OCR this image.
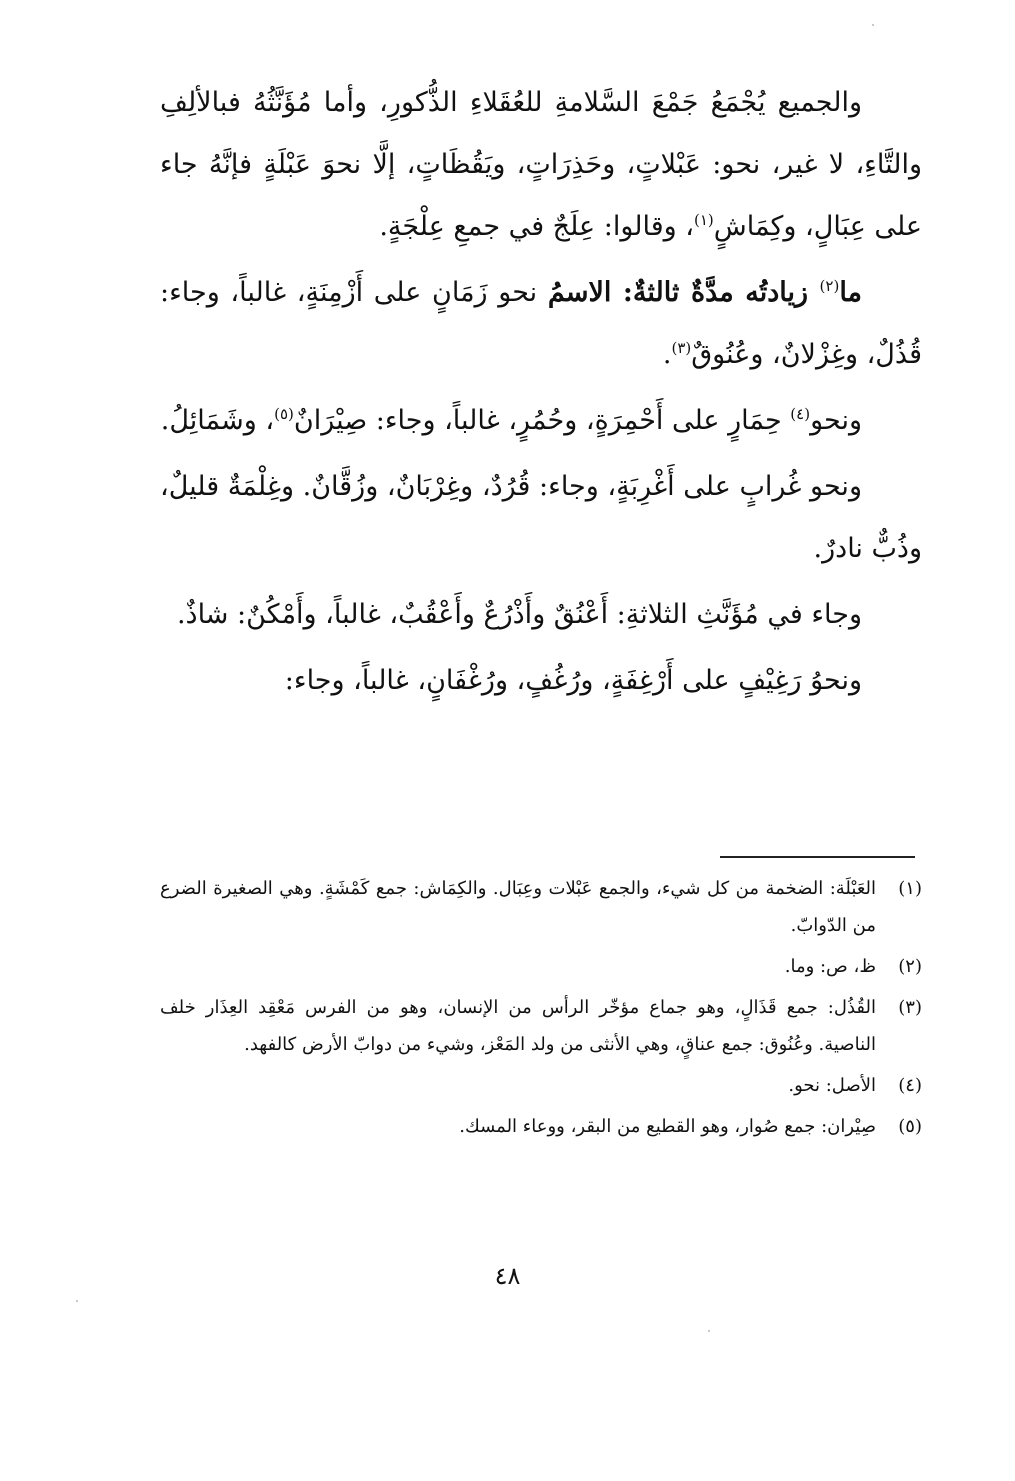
والجميع يُجْمَعُ جَمْعَ السَّلامةِ للعُقَلاءِ الذُّكورِ، وأما مُؤَنَّثُهُ فبالألِفِ والتَّاءِ، لا غير، نحو: عَبْلاتٍ، وحَذِرَاتٍ، ويَقُظَاتٍ، إلَّا نحوَ عَبْلَةٍ فإنَّهُ جاء على عِبَالٍ، وكِمَاشٍ$^{(١)}$، وقالوا: عِلَجٌ في جمعِ عِلْجَةٍ.

ما$^{(٢)}$ زيادتُه مدَّةٌ ثالثةٌ: الاسمُ نحو زَمَانٍ على أَزْمِنَةٍ، غالباً، وجاء: قُذُلٌ، وغِزْلانٌ، وعُنُوقٌ$^{(٣)}$.

ونحو$^{(٤)}$ حِمَارٍ على أَحْمِرَةٍ، وحُمُرٍ، غالباً، وجاء: صِيْرَانٌ$^{(٥)}$، وشَمَائِلُ.

ونحو غُرابٍ على أَغْرِبَةٍ، وجاء: قُرُدٌ، وغِرْبَانٌ، وزُقَّانٌ. وغِلْمَةٌ قليلٌ، وذُبٌّ نادرٌ.

وجاء في مُؤَنَّثِ الثلاثةِ: أَعْنُقٌ وأَذْرُعٌ وأَعْقُبٌ، غالباً، وأَمْكُنٌ: شاذٌ.

ونحوُ رَغِيْفٍ على أَرْغِفَةٍ، ورُغُفٍ، ورُغْفَانٍ، غالباً، وجاء:

(١)
العَبْلَة: الضخمة من كل شيء، والجمع عَبْلات وعِبَال. والكِمَاش: جمع كَمْشَةٍ. وهي الصغيرة الضرع من الدّوابّ.
(٢)
ظ، ص: وما.
(٣)
القُذُل: جمع قَذَالٍ، وهو جماع مؤخّر الرأس من الإنسان، وهو من الفرس مَعْقِد العِذَار خلف الناصية. وعُنُوق: جمع عناقٍ، وهي الأنثى من ولد المَعْز، وشيء من دوابّ الأرض كالفهد.
(٤)
الأصل: نحو.
(٥)
صِيْران: جمع صُوار، وهو القطيع من البقر، ووعاء المسك.
٤٨
